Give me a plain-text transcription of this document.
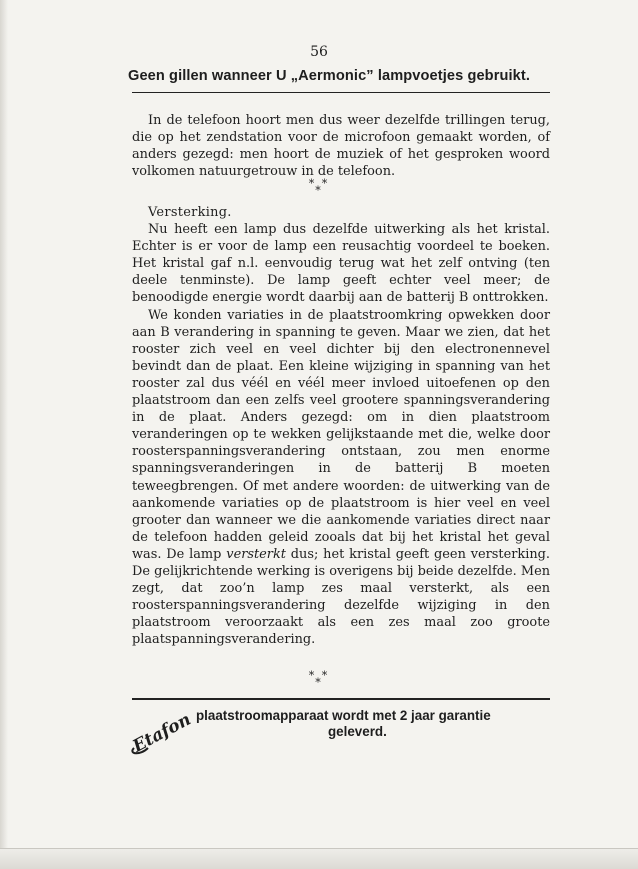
56
Geen gillen wanneer U „Aermonic” lampvoetjes gebruikt.

In de telefoon hoort men dus weer dezelfde trillingen terug, die op het zendstation voor de microfoon gemaakt worden, of anders gezegd: men hoort de muziek of het gesproken woord volkomen natuurgetrouw in de telefoon.

* *
*

Versterking.

Nu heeft een lamp dus dezelfde uitwerking als het kristal. Echter is er voor de lamp een reusachtig voordeel te boeken. Het kristal gaf n.l. eenvoudig terug wat het zelf ontving (ten deele tenminste). De lamp geeft echter veel meer; de benoodigde energie wordt daarbij aan de batterij B onttrokken.

We konden variaties in de plaatstroomkring opwekken door aan B verandering in spanning te geven. Maar we zien, dat het rooster zich veel en veel dichter bij den electronennevel bevindt dan de plaat. Een kleine wijziging in spanning van het rooster zal dus véél en véél meer invloed uitoefenen op den plaatstroom dan een zelfs veel grootere spanningsverandering in de plaat. Anders gezegd: om in dien plaatstroom veranderingen op te wekken gelijkstaande met die, welke door roosterspanningsverandering ontstaan, zou men enorme spanningsveranderingen in de batterij B moeten teweegbrengen. Of met andere woorden: de uitwerking van de aankomende variaties op de plaatstroom is hier veel en veel grooter dan wanneer we die aankomende variaties direct naar de telefoon hadden geleid zooals dat bij het kristal het geval was. De lamp versterkt dus; het kristal geeft geen versterking. De gelijkrichtende werking is overigens bij beide dezelfde. Men zegt, dat zoo’n lamp zes maal versterkt, als een roosterspanningsverandering dezelfde wijziging in den plaatstroom veroorzaakt als een zes maal zoo groote plaatspanningsverandering.

* *
*
Etafon plaatstroomapparaat wordt met 2 jaar garantie
geleverd.
